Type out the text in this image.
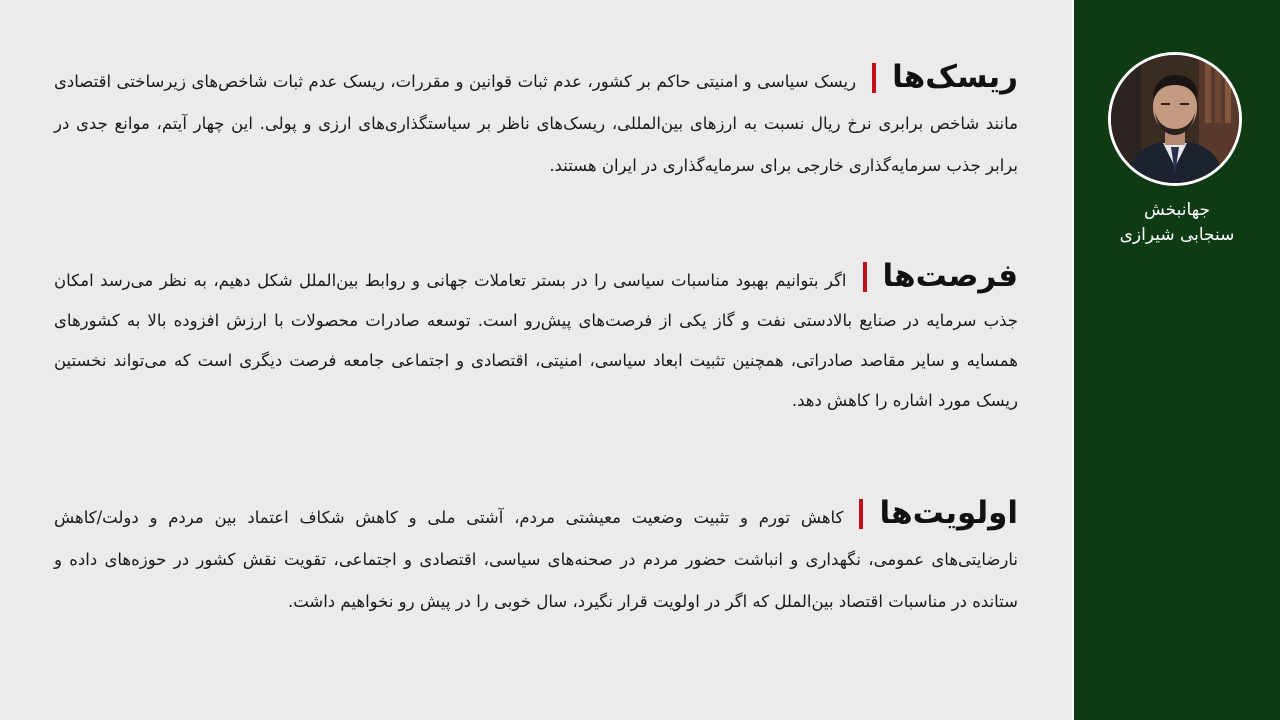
ریسک‌هاریسک سیاسی و امنیتی حاکم بر کشور، عدم ثبات قوانین و مقررات، ریسک عدم ثبات شاخص‌های زیرساختی اقتصادی مانند شاخص برابری نرخ ریال نسبت به ارزهای بین‌المللی، ریسک‌های ناظر بر سیاستگذاری‌های ارزی و پولی. این چهار آیتم، موانع جدی در برابر جذب سرمایه‌گذاری خارجی برای سرمایه‌گذاری در ایران هستند.
فرصت‌هااگر بتوانیم بهبود مناسبات سیاسی را در بستر تعاملات جهانی و روابط بین‌الملل شکل دهیم، به نظر می‌رسد امکان جذب سرمایه در صنایع بالادستی نفت و گاز یکی از فرصت‌های پیش‌رو است. توسعه صادرات محصولات با ارزش افزوده بالا به کشورهای همسایه و سایر مقاصد صادراتی، همچنین تثبیت ابعاد سیاسی، امنیتی، اقتصادی و اجتماعی جامعه فرصت دیگری است که می‌تواند نخستین ریسک مورد اشاره را کاهش دهد.
اولویت‌هاکاهش تورم و تثبیت وضعیت معیشتی مردم، آشتی ملی و کاهش شکاف اعتماد بین مردم و دولت/کاهش نارضایتی‌های عمومی، نگهداری و انباشت حضور مردم در صحنه‌های سیاسی، اقتصادی و اجتماعی، تقویت نقش کشور در حوزه‌های داده و ستانده در مناسبات اقتصاد بین‌الملل که اگر در اولویت قرار نگیرد، سال خوبی را در پیش رو نخواهیم داشت.
جهانبخش
سنجابی شیرازی
